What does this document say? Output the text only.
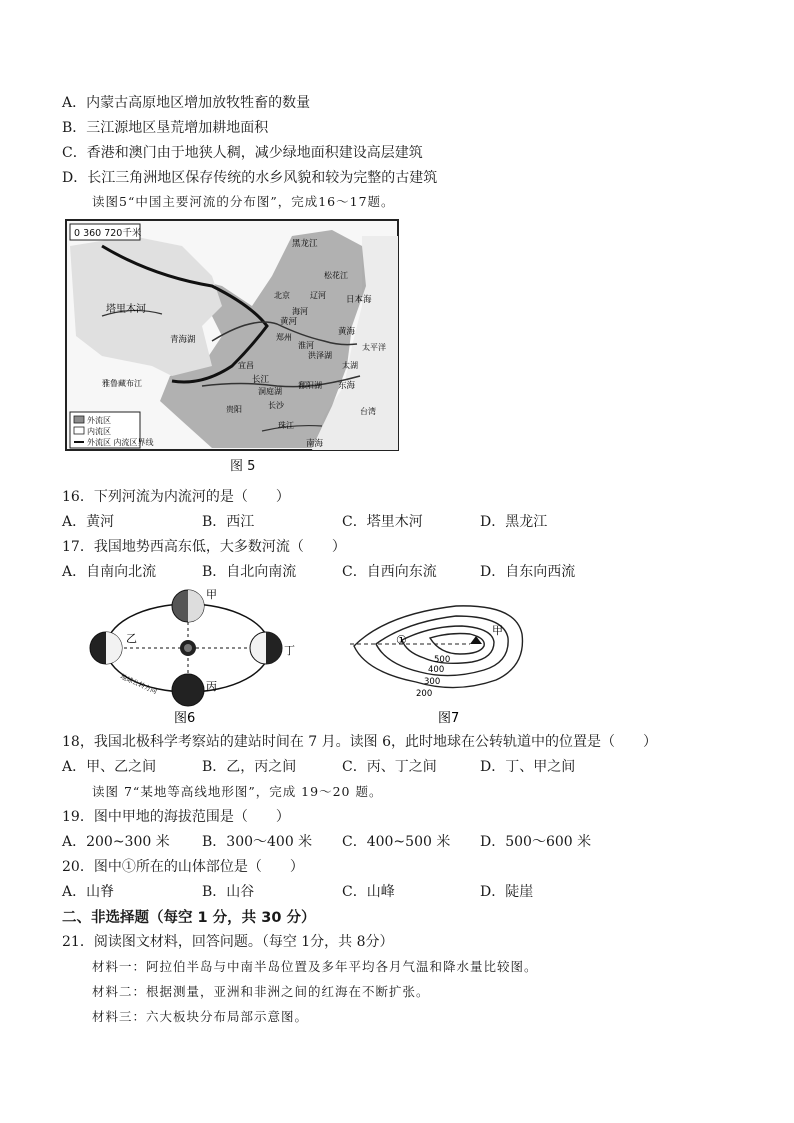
A．内蒙古高原地区增加放牧牲畜的数量
B．三江源地区垦荒增加耕地面积
C．香港和澳门由于地狭人稠，减少绿地面积建设高层建筑
D．长江三角洲地区保存传统的水乡风貌和较为完整的古建筑
读图5“中国主要河流的分布图”，完成16～17题。
0 360 720千米
外流区
内流区
外流区 内流区界线
塔里木河
青海湖
黄河
长江
洞庭湖
鄱阳湖
洪泽湖
太湖
黑龙江
松花江
辽河 日本海
黄海
东海
南海
海河
淮河
珠江
雅鲁藏布江
台湾
太平洋
北京
郑州
宜昌
长沙
贵阳
图 5
16．下列河流为内流河的是（　　）
A．黄河	B．西江	C．塔里木河	D．黑龙江
17．我国地势西高东低，大多数河流（　　）
A．自南向北流	B．自北向南流	C．自西向东流	D．自东向西流
甲
乙
丙
丁
地球公转方向
图6
①
甲
500
400
300
200
图7
18，我国北极科学考察站的建站时间在 7 月。读图 6，此时地球在公转轨道中的位置是（　　）
A．甲、乙之间	B．乙，丙之间	C．丙、丁之间	D．丁、甲之间
读图 7“某地等高线地形图”，完成 19～20 题。
19．图中甲地的海拔范围是（　　）
A．200~300 米 B．300～400 米 C．400~500 米 D．500～600 米
20．图中①所在的山体部位是（　　）
A．山脊	B．山谷	C．山峰	D．陡崖
二、非选择题（每空 1 分，共 30 分）
21．阅读图文材料，回答问题。（每空 1分，共 8分）
材料一：阿拉伯半岛与中南半岛位置及多年平均各月气温和降水量比较图。
材料二：根据测量，亚洲和非洲之间的红海在不断扩张。
材料三：六大板块分布局部示意图。
